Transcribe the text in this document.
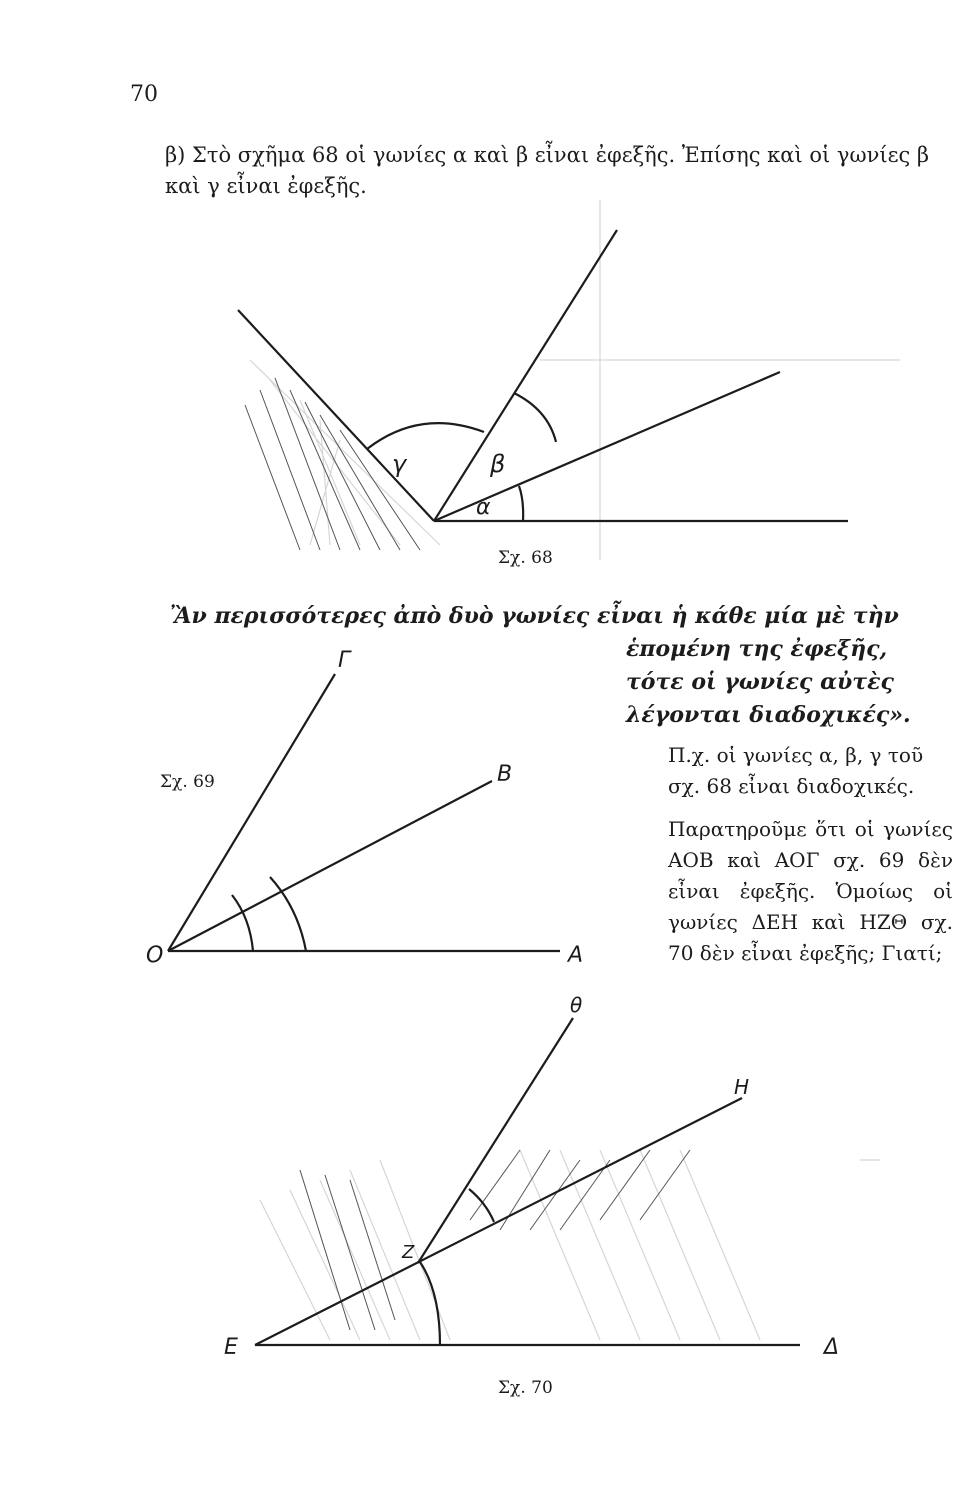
70
β) Στὸ σχῆμα 68 οἱ γωνίες α καὶ β εἶναι ἐφεξῆς. Ἐπίσης καὶ οἱ γωνίες β καὶ γ εἶναι ἐφεξῆς.
γ	β
α
Γ
Β
Ο	Α
θ
Η
Ζ
Ε	Δ
Σχ. 68
Σχ. 69
Σχ. 70
Ἂν περισσότερες ἀπὸ δυὸ γωνίες εἶναι ἡ κάθε μία μὲ τὴν
ἑπομένη της ἐφεξῆς, τότε οἱ γωνίες αὐτὲς λέγονται διαδοχικές».
Π.χ. οἱ γωνίες α, β, γ τοῦ σχ. 68 εἶναι διαδοχικές.
Παρατηροῦμε ὅτι οἱ γωνίες ΑΟΒ καὶ ΑΟΓ σχ. 69 δὲν εἶναι ἐφεξῆς. Ὁμοίως οἱ γωνίες ΔΕΗ καὶ ΗΖΘ σχ. 70 δὲν εἶναι ἐφεξῆς; Γιατί;
